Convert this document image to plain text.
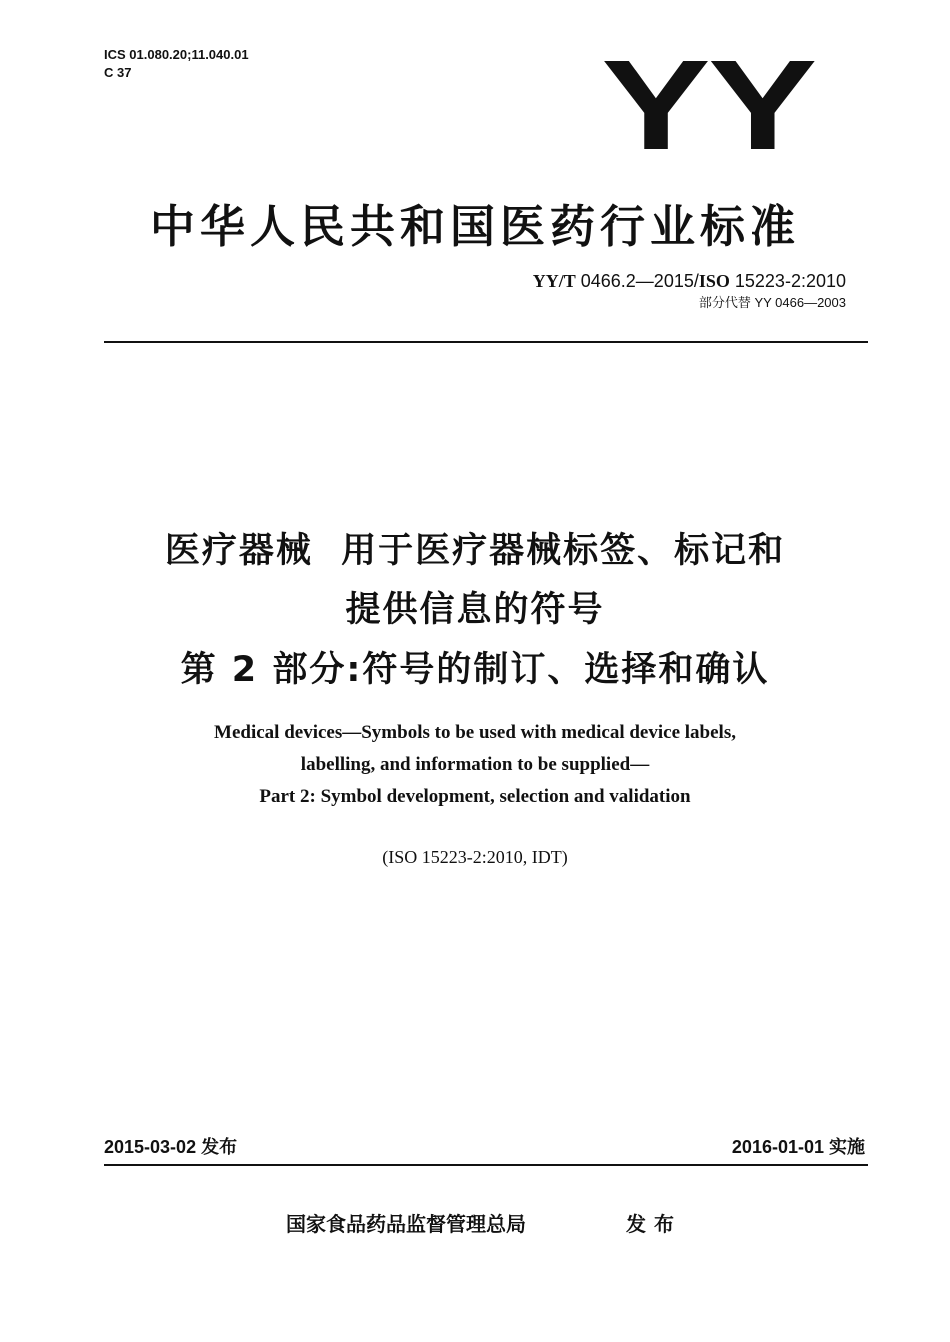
ICS 01.080.20;11.040.01
C 37	YY
中华人民共和国医药行业标准
YY/T 0466.2—2015/ISO 15223-2:2010
部分代替 YY 0466—2003
医疗器械  用于医疗器械标签、标记和
提供信息的符号
第 2 部分:符号的制订、选择和确认
Medical devices—Symbols to be used with medical device labels,
labelling, and information to be supplied—
Part 2: Symbol development, selection and validation
(ISO 15223-2:2010, IDT)
2015-03-02 发布	2016-01-01 实施
国家食品药品监督管理总局	发布
